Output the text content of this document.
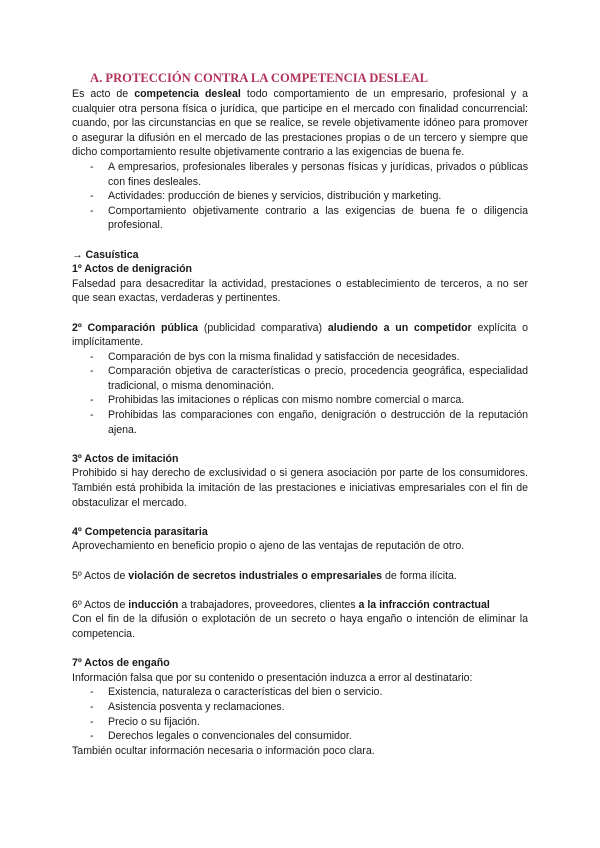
A. PROTECCIÓN CONTRA LA COMPETENCIA DESLEAL

Es acto de competencia desleal todo comportamiento de un empresario, profesional y a cualquier otra persona física o jurídica, que participe en el mercado con finalidad concurrencial: cuando, por las circunstancias en que se realice, se revele objetivamente idóneo para promover o asegurar la difusión en el mercado de las prestaciones propias o de un tercero y siempre que dicho comportamiento resulte objetivamente contrario a las exigencias de buena fe.

- A empresarios, profesionales liberales y personas físicas y jurídicas, privados o públicas con fines desleales.
- Actividades: producción de bienes y servicios, distribución y marketing.
- Comportamiento objetivamente contrario a las exigencias de buena fe o diligencia profesional.
→ Casuística
1º Actos de denigración

Falsedad para desacreditar la actividad, prestaciones o establecimiento de terceros, a no ser que sean exactas, verdaderas y pertinentes.

2º Comparación pública (publicidad comparativa) aludiendo a un competidor explícita o implícitamente.

- Comparación de bys con la misma finalidad y satisfacción de necesidades.
- Comparación objetiva de características o precio, procedencia geográfica, especialidad tradicional, o misma denominación.
- Prohibidas las imitaciones o réplicas con mismo nombre comercial o marca.
- Prohibidas las comparaciones con engaño, denigración o destrucción de la reputación ajena.
3º Actos de imitación

Prohibido si hay derecho de exclusividad o si genera asociación por parte de los consumidores. También está prohibida la imitación de las prestaciones e iniciativas empresariales con el fin de obstaculizar el mercado.

4º Competencia parasitaria

Aprovechamiento en beneficio propio o ajeno de las ventajas de reputación de otro.

5º Actos de violación de secretos industriales o empresariales de forma ilícita.

6º Actos de inducción a trabajadores, proveedores, clientes a la infracción contractual

Con el fin de la difusión o explotación de un secreto o haya engaño o intención de eliminar la competencia.

7º Actos de engaño

Información falsa que por su contenido o presentación induzca a error al destinatario:

- Existencia, naturaleza o características del bien o servicio.
- Asistencia posventa y reclamaciones.
- Precio o su fijación.
- Derechos legales o convencionales del consumidor.

También ocultar información necesaria o información poco clara.
